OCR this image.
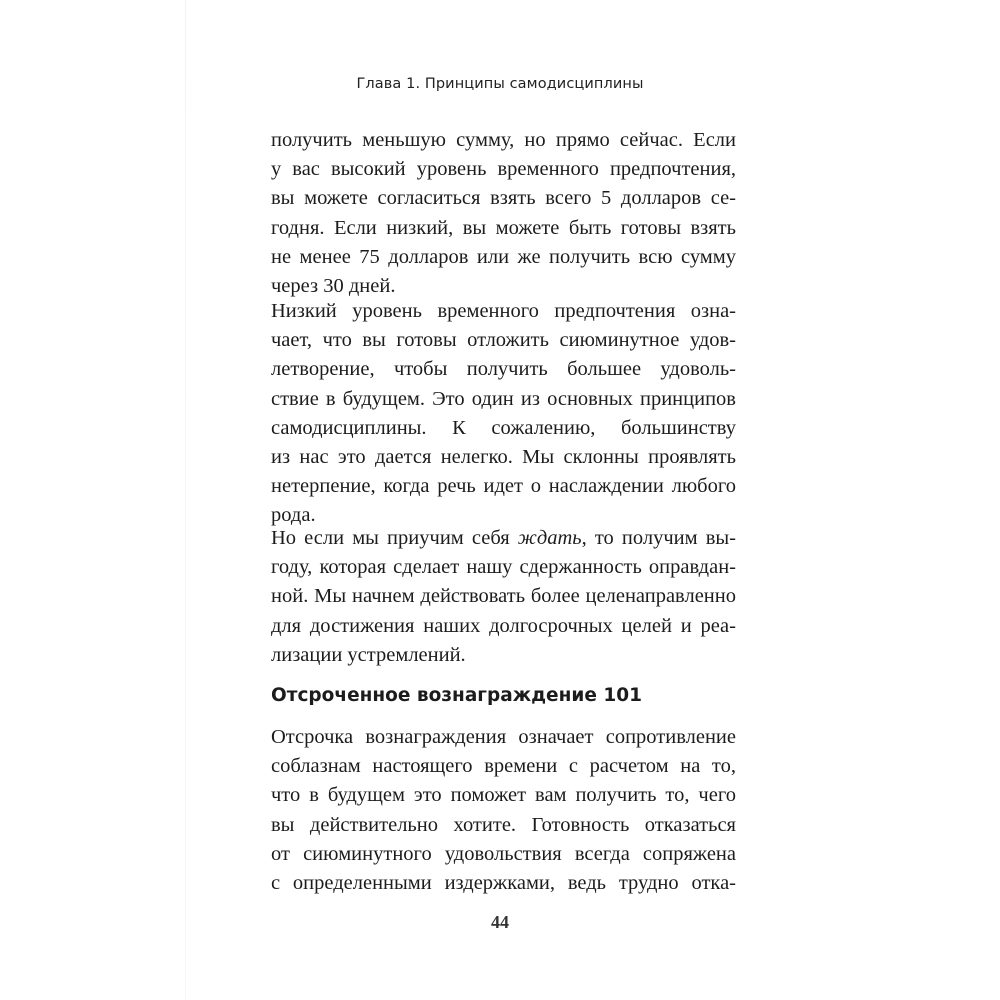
Глава 1. Принципы самодисциплины
получить меньшую сумму, но прямо сейчас. Если
у вас высокий уровень временного предпочтения,
вы можете согласиться взять всего 5 долларов се-
годня. Если низкий, вы можете быть готовы взять
не менее 75 долларов или же получить всю сумму
через 30 дней.
Низкий уровень временного предпочтения озна-
чает, что вы готовы отложить сиюминутное удов-
летворение, чтобы получить большее удоволь-
ствие в будущем. Это один из основных принципов
самодисциплины. К сожалению, большинству
из нас это дается нелегко. Мы склонны проявлять
нетерпение, когда речь идет о наслаждении любого
рода.
Но если мы приучим себя ждать, то получим вы-
году, которая сделает нашу сдержанность оправдан-
ной. Мы начнем действовать более целенаправленно
для достижения наших долгосрочных целей и реа-
лизации устремлений.
Отсроченное вознаграждение 101
Отсрочка вознаграждения означает сопротивление
соблазнам настоящего времени с расчетом на то,
что в будущем это поможет вам получить то, чего
вы действительно хотите. Готовность отказаться
от сиюминутного удовольствия всегда сопряжена
с определенными издержками, ведь трудно отка-
44
